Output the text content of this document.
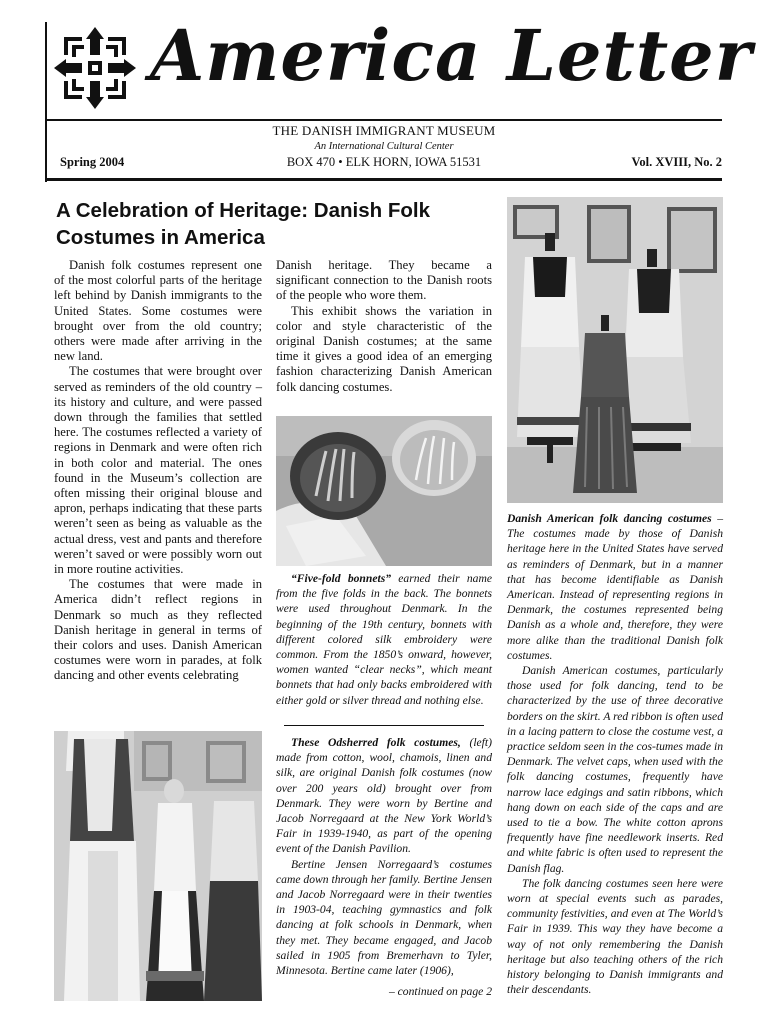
America Letter
THE DANISH IMMIGRANT MUSEUM
An International Cultural Center
BOX 470 • ELK HORN, IOWA 51531
Spring 2004	Vol. XVIII, No. 2
A Celebration of Heritage: Danish Folk Costumes in America

Danish folk costumes represent one of the most colorful parts of the heritage left behind by Danish immigrants to the United States. Some costumes were brought over from the old country; others were made after arriving in the new land.

The costumes that were brought over served as reminders of the old country – its history and culture, and were passed down through the families that settled here. The costumes reflected a variety of regions in Denmark and were often rich in both color and material. The ones found in the Museum’s collection are often missing their original blouse and apron, perhaps indicating that these parts weren’t seen as being as valuable as the actual dress, vest and pants and therefore weren’t saved or were possibly worn out in more routine activities.

The costumes that were made in America didn’t reflect regions in Denmark so much as they reflected Danish heritage in general in terms of their colors and uses. Danish American costumes were worn in parades, at folk dancing and other events celebrating

Danish heritage. They became a significant connection to the Danish roots of the people who wore them.

This exhibit shows the variation in color and style characteristic of the original Danish costumes; at the same time it gives a good idea of an emerging fashion characterizing Danish American folk dancing costumes.

“Five-fold bonnets” earned their name from the five folds in the back. The bonnets were used throughout Denmark. In the beginning of the 19th century, bonnets with different colored silk embroidery were common. From the 1850’s onward, however, women wanted “clear necks”, which meant bonnets that had only backs embroidered with either gold or silver thread and nothing else.

These Odsherred folk costumes, (left) made from cotton, wool, chamois, linen and silk, are original Danish folk costumes (now over 200 years old) brought over from Denmark. They were worn by Bertine and Jacob Norregaard at the New York World’s Fair in 1939-1940, as part of the opening event of the Danish Pavilion.

Bertine Jensen Norregaard’s costumes came down through her family. Bertine Jensen and Jacob Norregaard were in their twenties in 1903-04, teaching gymnastics and folk dancing at folk schools in Denmark, when they met. They became engaged, and Jacob sailed in 1905 from Bremerhavn to Tyler, Minnesota. Bertine came later (1906),

– continued on page 2

Danish American folk dancing costumes – The costumes made by those of Danish heritage here in the United States have served as reminders of Denmark, but in a manner that has become identifiable as Danish American. Instead of representing regions in Denmark, the costumes represented being Danish as a whole and, therefore, they were more alike than the traditional Danish folk costumes.

Danish American costumes, particularly those used for folk dancing, tend to be characterized by the use of three decorative borders on the skirt. A red ribbon is often used in a lacing pattern to close the costume vest, a practice seldom seen in the cos-tumes made in Denmark. The velvet caps, when used with the folk dancing costumes, frequently have narrow lace edgings and satin ribbons, which hang down on each side of the caps and are used to tie a bow. The white cotton aprons frequently have fine needlework inserts. Red and white fabric is often used to represent the Danish flag.

The folk dancing costumes seen here were worn at special events such as parades, community festivities, and even at The World’s Fair in 1939. This way they have become a way of not only remembering the Danish heritage but also teaching others of the rich history belonging to Danish immigrants and their descendants.
